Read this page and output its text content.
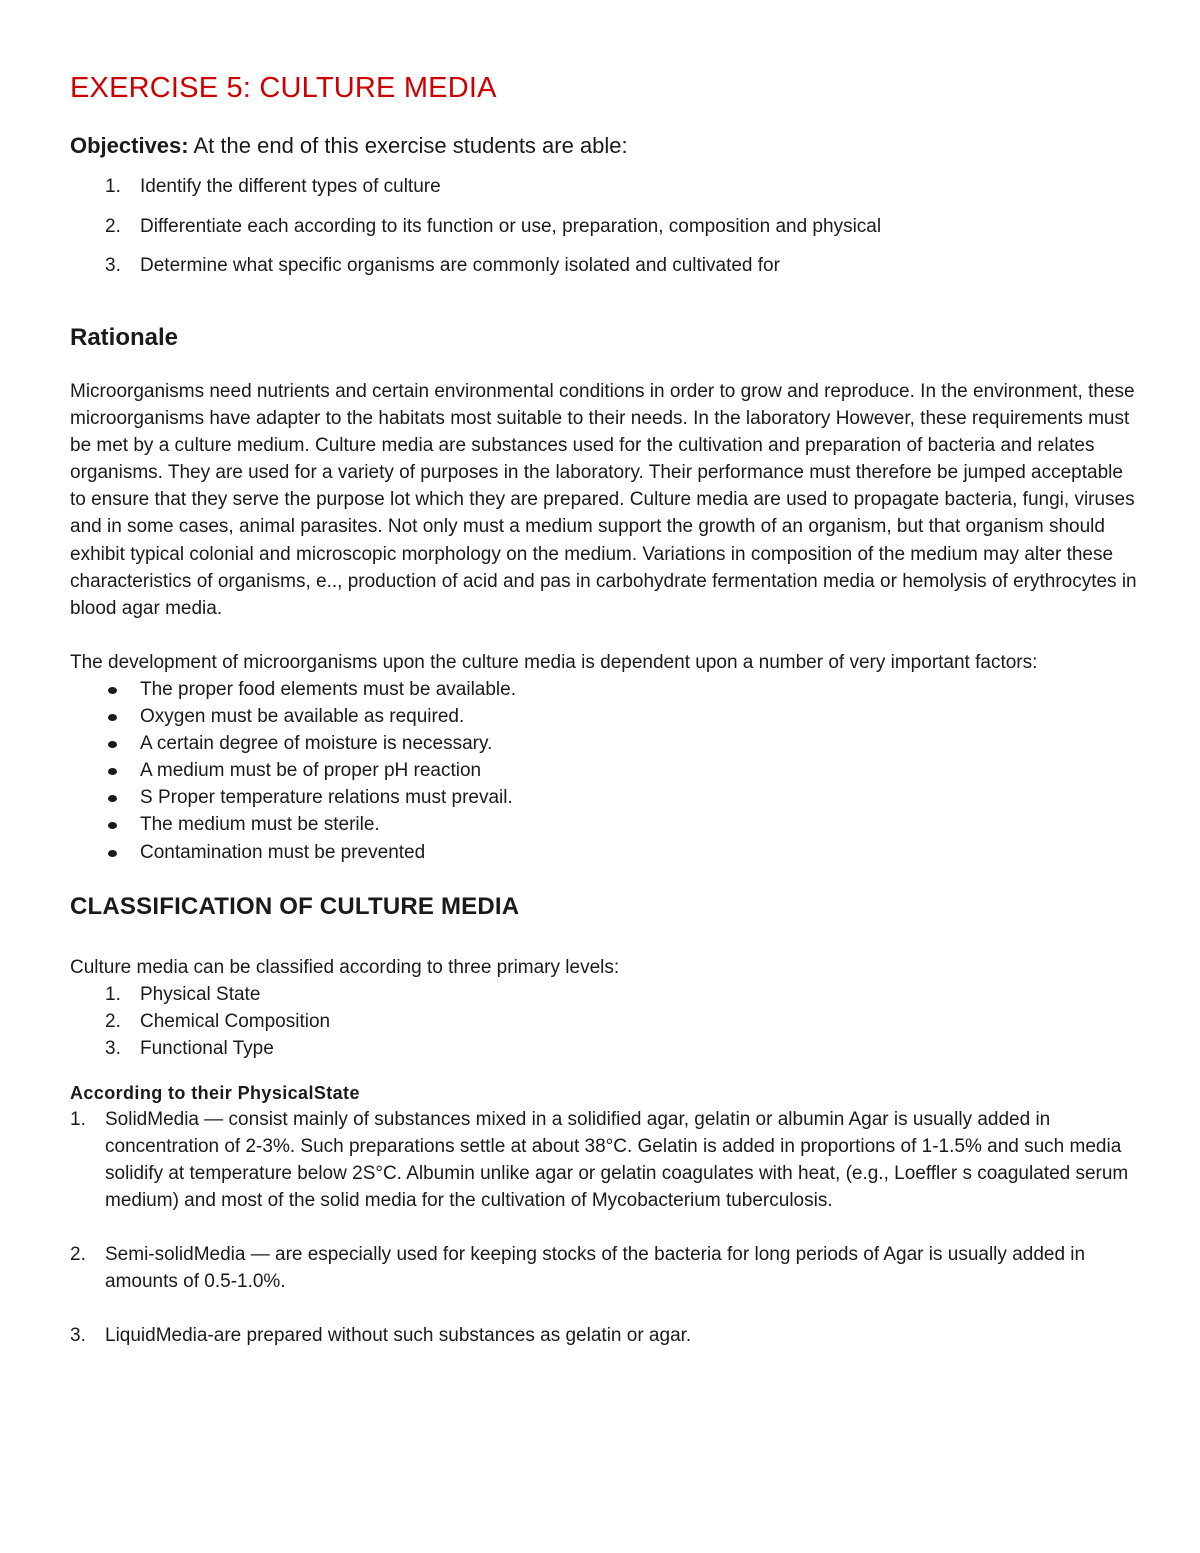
EXERCISE 5: CULTURE MEDIA

Objectives: At the end of this exercise students are able:

1. Identify the different types of culture
2. Differentiate each according to its function or use, preparation, composition and physical
3. Determine what specific organisms are commonly isolated and cultivated for
Rationale

Microorganisms need nutrients and certain environmental conditions in order to grow and reproduce. In the environment, these microorganisms have adapter to the habitats most suitable to their needs. In the laboratory However, these requirements must be met by a culture medium. Culture media are substances used for the cultivation and preparation of bacteria and relates organisms. They are used for a variety of purposes in the laboratory. Their performance must therefore be jumped acceptable to ensure that they serve the purpose lot which they are prepared. Culture media are used to propagate bacteria, fungi, viruses and in some cases, animal parasites. Not only must a medium support the growth of an organism, but that organism should exhibit typical colonial and microscopic morphology on the medium. Variations in composition of the medium may alter these characteristics of organisms, e.., production of acid and pas in carbohydrate fermentation media or hemolysis of erythrocytes in blood agar media.

The development of microorganisms upon the culture media is dependent upon a number of very important factors:

The proper food elements must be available.
Oxygen must be available as required.
A certain degree of moisture is necessary.
A medium must be of proper pH reaction
S Proper temperature relations must prevail.
The medium must be sterile.
Contamination must be prevented
CLASSIFICATION OF CULTURE MEDIA

Culture media can be classified according to three primary levels:

1. Physical State
2. Chemical Composition
3. Functional Type

According to their PhysicalState

1. SolidMedia — consist mainly of substances mixed in a solidified agar, gelatin or albumin Agar is usually added in concentration of 2-3%. Such preparations settle at about 38°C. Gelatin is added in proportions of 1-1.5% and such media solidify at temperature below 2S°C. Albumin unlike agar or gelatin coagulates with heat, (e.g., Loeffler s coagulated serum medium) and most of the solid media for the cultivation of Mycobacterium tuberculosis.
2. Semi-solidMedia — are especially used for keeping stocks of the bacteria for long periods of Agar is usually added in amounts of 0.5-1.0%.
3. LiquidMedia-are prepared without such substances as gelatin or agar.
